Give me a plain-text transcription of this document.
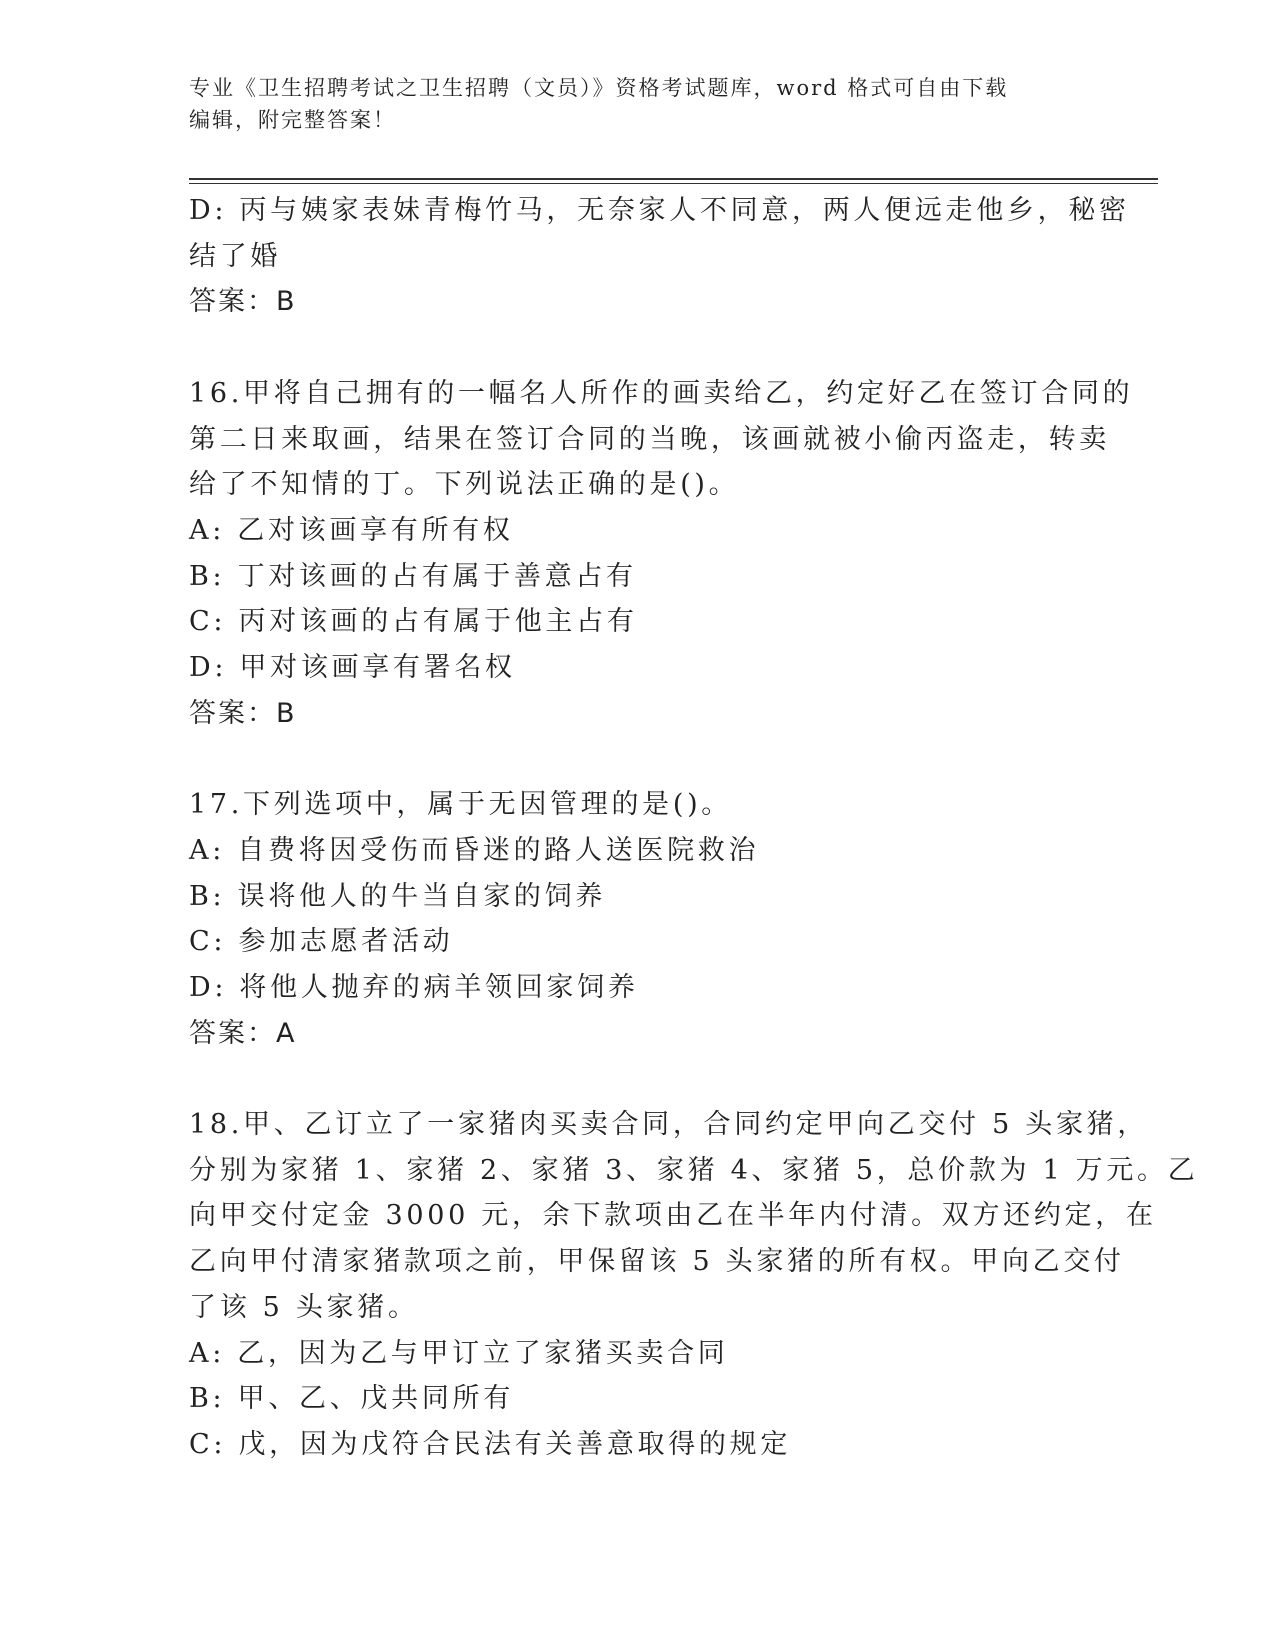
专业《卫生招聘考试之卫生招聘（文员）》资格考试题库，word 格式可自由下载
编辑，附完整答案！
D: 丙与姨家表妹青梅竹马，无奈家人不同意，两人便远走他乡，秘密
结了婚
答案：B
16.甲将自己拥有的一幅名人所作的画卖给乙，约定好乙在签订合同的
第二日来取画，结果在签订合同的当晚，该画就被小偷丙盗走，转卖
给了不知情的丁。下列说法正确的是()。
A: 乙对该画享有所有权
B: 丁对该画的占有属于善意占有
C: 丙对该画的占有属于他主占有
D: 甲对该画享有署名权
答案：B
17.下列选项中，属于无因管理的是()。
A: 自费将因受伤而昏迷的路人送医院救治
B: 误将他人的牛当自家的饲养
C: 参加志愿者活动
D: 将他人抛弃的病羊领回家饲养
答案：A
18.甲、乙订立了一家猪肉买卖合同，合同约定甲向乙交付 5 头家猪，
分别为家猪 1、家猪 2、家猪 3、家猪 4、家猪 5，总价款为 1 万元。乙
向甲交付定金 3000 元，余下款项由乙在半年内付清。双方还约定，在
乙向甲付清家猪款项之前，甲保留该 5 头家猪的所有权。甲向乙交付
了该 5 头家猪。
A: 乙，因为乙与甲订立了家猪买卖合同
B: 甲、乙、戊共同所有
C: 戊，因为戊符合民法有关善意取得的规定
